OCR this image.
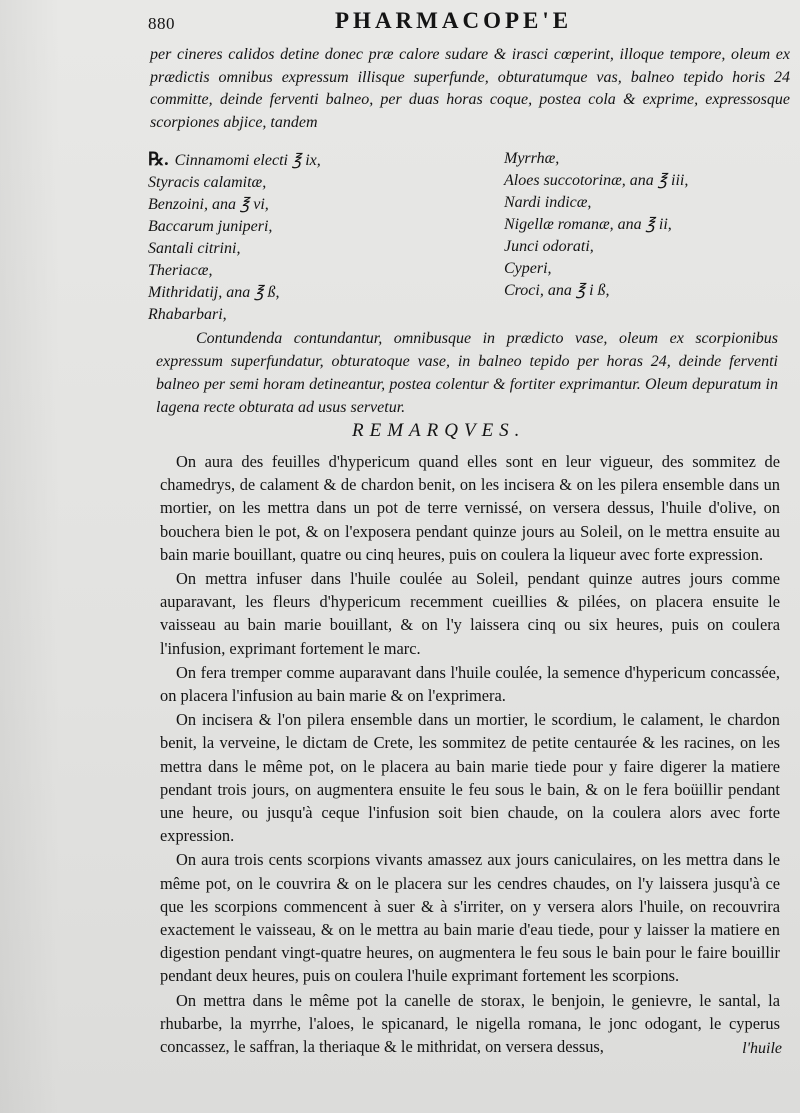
880	PHARMACOPE'E
per cineres calidos detine donec præ calore sudare & irasci cœperint, illoque tempore, oleum ex prædictis omnibus expressum illisque superfunde, obturatumque vas, balneo tepido horis 24 committe, deinde ferventi balneo, per duas horas coque, postea cola & exprime, expressosque scorpiones abjice, tandem
℞. Cinnamomi electi ℥ ix,
Styracis calamitæ,
Benzoini, ana ℥ vi,
Baccarum juniperi,
Santali citrini,
Theriacæ,
Mithridatij, ana ℥ ß,
Rhabarbari,
Myrrhæ,
Aloes succotorinæ, ana ℥ iii,
Nardi indicæ,
Nigellæ romanæ, ana ℥ ii,
Junci odorati,
Cyperi,
Croci, ana ℥ i ß,
Contundenda contundantur, omnibusque in prædicto vase, oleum ex scorpionibus expressum superfundatur, obturatoque vase, in balneo tepido per horas 24, deinde ferventi balneo per semi horam detineantur, postea colentur & fortiter exprimantur. Oleum depuratum in lagena recte obturata ad usus servetur.
REMARQVES.

On aura des feuilles d'hypericum quand elles sont en leur vigueur, des sommitez de chamedrys, de calament & de chardon benit, on les incisera & on les pilera ensemble dans un mortier, on les mettra dans un pot de terre vernissé, on versera dessus, l'huile d'olive, on bouchera bien le pot, & on l'exposera pendant quinze jours au Soleil, on le mettra ensuite au bain marie bouillant, quatre ou cinq heures, puis on coulera la liqueur avec forte expression.

On mettra infuser dans l'huile coulée au Soleil, pendant quinze autres jours comme auparavant, les fleurs d'hypericum recemment cueillies & pilées, on placera ensuite le vaisseau au bain marie bouillant, & on l'y laissera cinq ou six heures, puis on coulera l'infusion, exprimant fortement le marc.

On fera tremper comme auparavant dans l'huile coulée, la semence d'hypericum concassée, on placera l'infusion au bain marie & on l'exprimera.

On incisera & l'on pilera ensemble dans un mortier, le scordium, le calament, le chardon benit, la verveine, le dictam de Crete, les sommitez de petite centaurée & les racines, on les mettra dans le même pot, on le placera au bain marie tiede pour y faire digerer la matiere pendant trois jours, on augmentera ensuite le feu sous le bain, & on le fera boüillir pendant une heure, ou jusqu'à ceque l'infusion soit bien chaude, on la coulera alors avec forte expression.

On aura trois cents scorpions vivants amassez aux jours caniculaires, on les mettra dans le même pot, on le couvrira & on le placera sur les cendres chaudes, on l'y laissera jusqu'à ce que les scorpions commencent à suer & à s'irriter, on y versera alors l'huile, on recouvrira exactement le vaisseau, & on le mettra au bain marie d'eau tiede, pour y laisser la matiere en digestion pendant vingt-quatre heures, on augmentera le feu sous le bain pour le faire bouillir pendant deux heures, puis on coulera l'huile exprimant fortement les scorpions.

On mettra dans le même pot la canelle de storax, le benjoin, le genievre, le santal, la rhubarbe, la myrrhe, l'aloes, le spicanard, le nigella romana, le jonc odogant, le cyperus concassez, le saffran, la theriaque & le mithridat, on versera dessus,	l'huile
